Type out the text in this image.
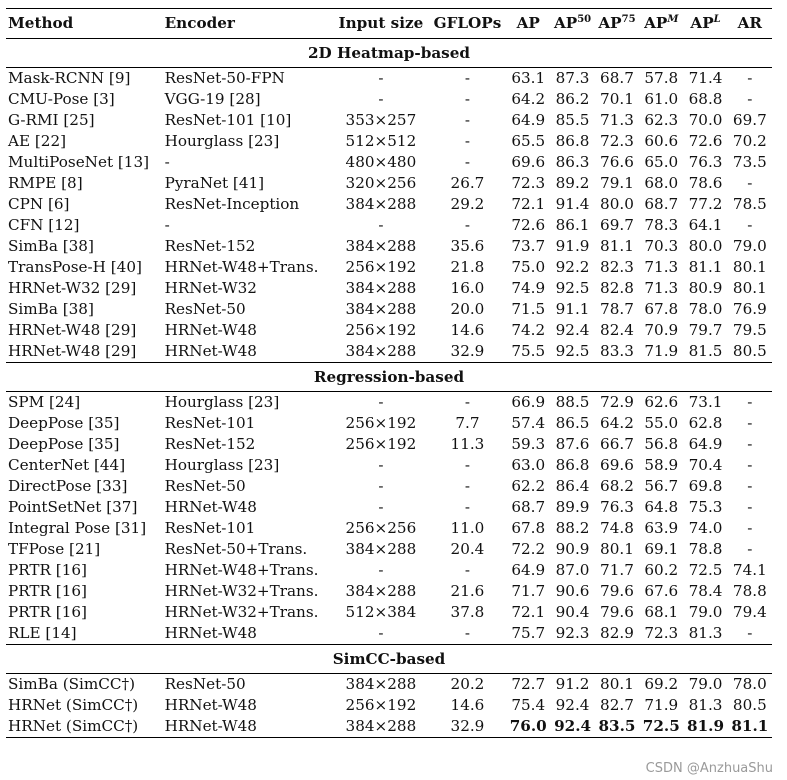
Method	Encoder	Input size	GFLOPs	AP	AP$^{50}$	AP$^{75}$	$AP^M$	$AP^L$	AR
2D Heatmap-based									
Mask-RCNN [9]	ResNet-50-FPN	-	-	63.1	87.3	68.7	57.8	71.4	-
CMU-Pose [3]	VGG-19 [28]	-	-	64.2	86.2	70.1	61.0	68.8	-
G-RMI [25]	ResNet-101 [10]	353×257	-	64.9	85.5	71.3	62.3	70.0	69.7
AE [22]	Hourglass [23]	512×512	-	65.5	86.8	72.3	60.6	72.6	70.2
MultiPoseNet [13]	-	480×480	-	69.6	86.3	76.6	65.0	76.3	73.5
RMPE [8]	PyraNet [41]	320×256	26.7	72.3	89.2	79.1	68.0	78.6	-
CPN [6]	ResNet-Inception	384×288	29.2	72.1	91.4	80.0	68.7	77.2	78.5
CFN [12]	-	-	-	72.6	86.1	69.7	78.3	64.1	-
SimBa [38]	ResNet-152	384×288	35.6	73.7	91.9	81.1	70.3	80.0	79.0
TransPose-H [40]	HRNet-W48+Trans.	256×192	21.8	75.0	92.2	82.3	71.3	81.1	80.1
HRNet-W32 [29]	HRNet-W32	384×288	16.0	74.9	92.5	82.8	71.3	80.9	80.1
SimBa [38]	ResNet-50	384×288	20.0	71.5	91.1	78.7	67.8	78.0	76.9
HRNet-W48 [29]	HRNet-W48	256×192	14.6	74.2	92.4	82.4	70.9	79.7	79.5
HRNet-W48 [29]	HRNet-W48	384×288	32.9	75.5	92.5	83.3	71.9	81.5	80.5
Regression-based									
SPM [24]	Hourglass [23]	-	-	66.9	88.5	72.9	62.6	73.1	-
DeepPose [35]	ResNet-101	256×192	7.7	57.4	86.5	64.2	55.0	62.8	-
DeepPose [35]	ResNet-152	256×192	11.3	59.3	87.6	66.7	56.8	64.9	-
CenterNet [44]	Hourglass [23]	-	-	63.0	86.8	69.6	58.9	70.4	-
DirectPose [33]	ResNet-50	-	-	62.2	86.4	68.2	56.7	69.8	-
PointSetNet [37]	HRNet-W48	-	-	68.7	89.9	76.3	64.8	75.3	-
Integral Pose [31]	ResNet-101	256×256	11.0	67.8	88.2	74.8	63.9	74.0	-
TFPose [21]	ResNet-50+Trans.	384×288	20.4	72.2	90.9	80.1	69.1	78.8	-
PRTR [16]	HRNet-W48+Trans.	-	-	64.9	87.0	71.7	60.2	72.5	74.1
PRTR [16]	HRNet-W32+Trans.	384×288	21.6	71.7	90.6	79.6	67.6	78.4	78.8
PRTR [16]	HRNet-W32+Trans.	512×384	37.8	72.1	90.4	79.6	68.1	79.0	79.4
RLE [14]	HRNet-W48	-	-	75.7	92.3	82.9	72.3	81.3	-
SimCC-based									
SimBa (SimCC†)	ResNet-50	384×288	20.2	72.7	91.2	80.1	69.2	79.0	78.0
HRNet (SimCC†)	HRNet-W48	256×192	14.6	75.4	92.4	82.7	71.9	81.3	80.5
HRNet (SimCC†)	HRNet-W48	384×288	32.9	76.0	92.4	83.5	72.5	81.9	81.1
CSDN @AnzhuaShu
